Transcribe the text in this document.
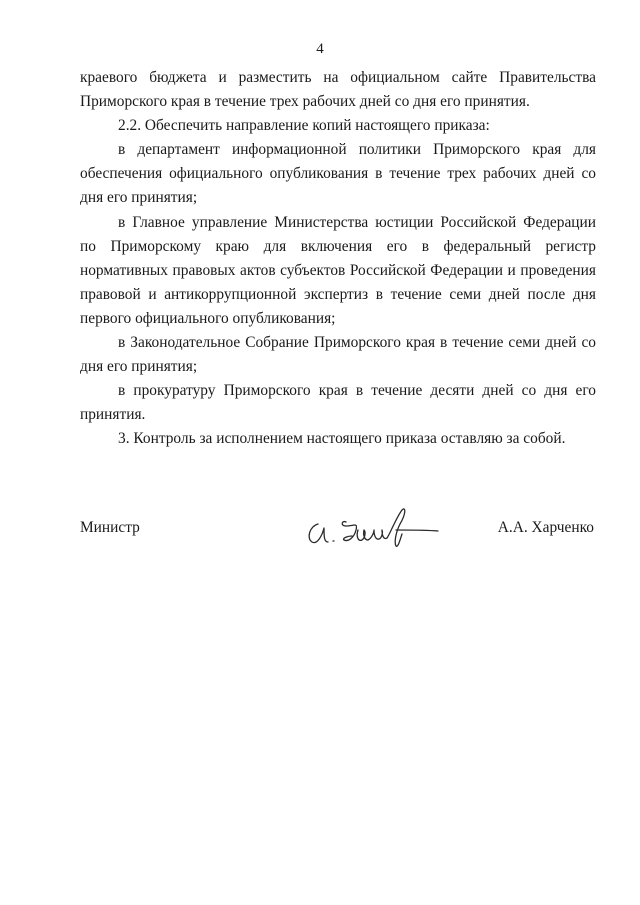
4

краевого бюджета и разместить на официальном сайте Правительства Приморского края в течение трех рабочих дней со дня его принятия.

2.2. Обеспечить направление копий настоящего приказа:

в департамент информационной политики Приморского края для обеспечения официального опубликования в течение трех рабочих дней со дня его принятия;

в Главное управление Министерства юстиции Российской Федерации по Приморскому краю для включения его в федеральный регистр нормативных правовых актов субъектов Российской Федерации и проведения правовой и антикоррупционной экспертиз в течение семи дней после дня первого официального опубликования;

в Законодательное Собрание Приморского края в течение семи дней со дня его принятия;

в прокуратуру Приморского края в течение десяти дней со дня его принятия.

3. Контроль за исполнением настоящего приказа оставляю за собой.

Министр	А.А. Харченко
